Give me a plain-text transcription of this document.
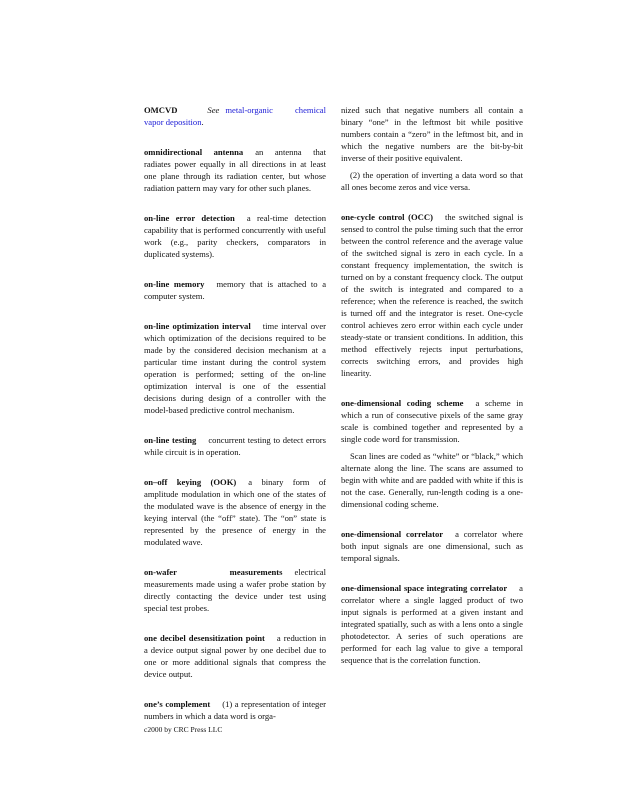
OMCVD	See metal-organic chemical vapor deposition.

omnidirectional antenna an antenna that radiates power equally in all directions in at least one plane through its radiation center, but whose radiation pattern may vary for other such planes.

on-line error detection a real-time detection capability that is performed concurrently with useful work (e.g., parity checkers, comparators in duplicated systems).

on-line memory memory that is attached to a computer system.

on-line optimization interval time interval over which optimization of the decisions required to be made by the considered decision mechanism at a particular time instant during the control system operation is performed; setting of the on-line optimization interval is one of the essential decisions during design of a controller with the model-based predictive control mechanism.

on-line testing concurrent testing to detect errors while circuit is in operation.

on–off keying (OOK) a binary form of amplitude modulation in which one of the states of the modulated wave is the absence of energy in the keying interval (the “off” state). The “on” state is represented by the presence of energy in the modulated wave.

on-wafer measurements electrical measurements made using a wafer probe station by directly contacting the device under test using special test probes.

one decibel desensitization point a reduction in a device output signal power by one decibel due to one or more additional signals that compress the device output.

one’s complement (1) a representation of integer numbers in which a data word is orga-

nized such that negative numbers all contain a binary “one” in the leftmost bit while positive numbers contain a “zero” in the leftmost bit, and in which the negative numbers are the bit-by-bit inverse of their positive equivalent.

(2) the operation of inverting a data word so that all ones become zeros and vice versa.

one-cycle control (OCC) the switched signal is sensed to control the pulse timing such that the error between the control reference and the average value of the switched signal is zero in each cycle. In a constant frequency implementation, the switch is turned on by a constant frequency clock. The output of the switch is integrated and compared to a reference; when the reference is reached, the switch is turned off and the integrator is reset. One-cycle control achieves zero error within each cycle under steady-state or transient conditions. In addition, this method effectively rejects input perturbations, corrects switching errors, and provides high linearity.

one-dimensional coding scheme a scheme in which a run of consecutive pixels of the same gray scale is combined together and represented by a single code word for transmission.

Scan lines are coded as “white” or “black,” which alternate along the line. The scans are assumed to begin with white and are padded with white if this is not the case. Generally, run-length coding is a one-dimensional coding scheme.

one-dimensional correlator a correlator where both input signals are one dimensional, such as temporal signals.

one-dimensional space integrating correlator a correlator where a single lagged product of two input signals is performed at a given instant and integrated spatially, such as with a lens onto a single photodetector. A series of such operations are performed for each lag value to give a temporal sequence that is the correlation function.

c2000 by CRC Press LLC
